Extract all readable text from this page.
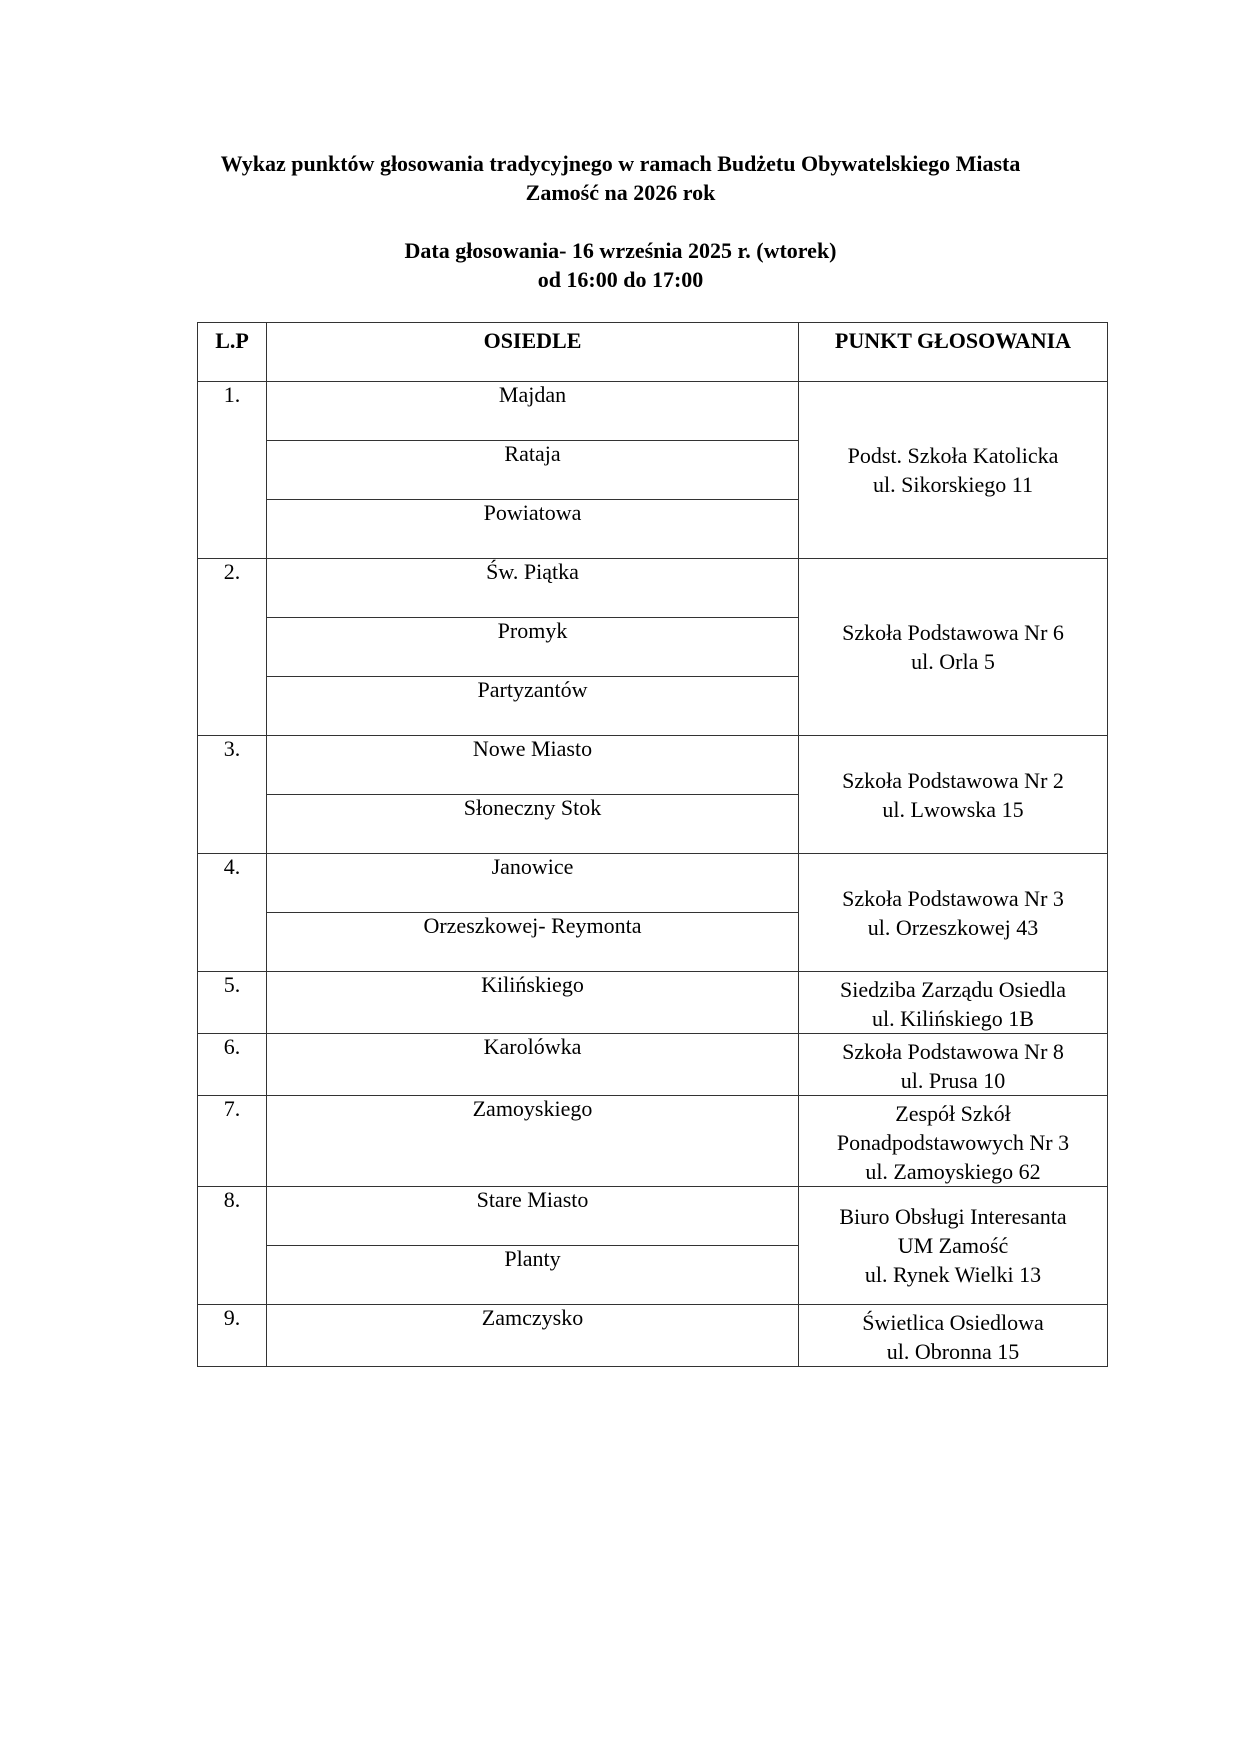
Wykaz punktów głosowania tradycyjnego w ramach Budżetu Obywatelskiego Miasta

Zamość na 2026 rok

Data głosowania- 16 września 2025 r. (wtorek)

od 16:00 do 17:00

L.P	OSIEDLE	PUNKT GŁOSOWANIA
1.	Majdan	Podst. Szkoła Katolicka
ul. Sikorskiego 11

	Rataja	
	Powiatowa	
2.	Św. Piątka	Szkoła Podstawowa Nr 6
ul. Orla 5

	Promyk	
	Partyzantów	
3.	Nowe Miasto	Szkoła Podstawowa Nr 2
ul. Lwowska 15

	Słoneczny Stok	
4.	Janowice	Szkoła Podstawowa Nr 3
ul. Orzeszkowej 43

	Orzeszkowej- Reymonta	
5.	Kilińskiego	Siedziba Zarządu Osiedla
ul. Kilińskiego 1B

6.	Karolówka	Szkoła Podstawowa Nr 8
ul. Prusa 10

7.	Zamoyskiego	Zespół Szkół
Ponadpodstawowych Nr 3
ul. Zamoyskiego 62

8.	Stare Miasto	Biuro Obsługi Interesanta
UM Zamość
ul. Rynek Wielki 13

	Planty	
9.	Zamczysko	Świetlica Osiedlowa
ul. Obronna 15
